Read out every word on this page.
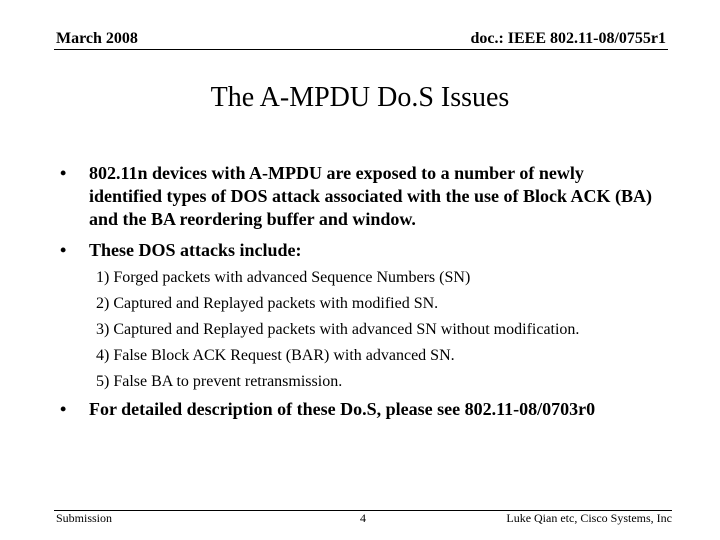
March 2008	doc.: IEEE 802.11-08/0755r1
The A-MPDU Do.S Issues
•	802.11n devices with A-MPDU are exposed to a number of newly identified types of DOS attack associated with the use of Block ACK (BA) and the BA reordering buffer and window.
•	These DOS attacks include:
1) Forged packets with advanced Sequence Numbers (SN)
2) Captured and Replayed packets with modified SN.
3) Captured and Replayed packets with advanced SN without modification.
4) False Block ACK Request (BAR) with advanced SN.
5) False BA to prevent retransmission.
•	For detailed description of these Do.S, please see 802.11-08/0703r0
Submission	4	Luke Qian etc, Cisco Systems, Inc
